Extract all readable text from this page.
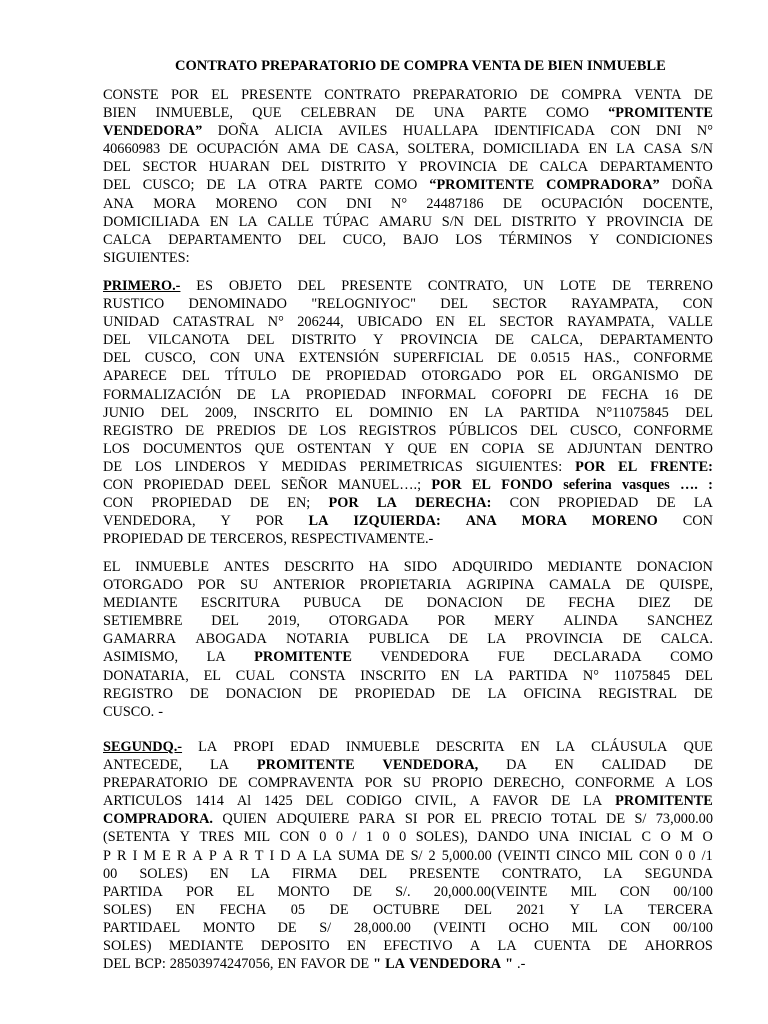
CONTRATO PREPARATORIO DE COMPRA VENTA DE BIEN INMUEBLE
CONSTE POR EL PRESENTE CONTRATO PREPARATORIO DE COMPRA VENTA DE
BIEN INMUEBLE, QUE CELEBRAN DE UNA PARTE COMO “PROMITENTE
VENDEDORA” DOÑA ALICIA AVILES HUALLAPA IDENTIFICADA CON DNI N°
40660983 DE OCUPACIÓN AMA DE CASA, SOLTERA, DOMICILIADA EN LA CASA S/N
DEL SECTOR HUARAN DEL DISTRITO Y PROVINCIA DE CALCA DEPARTAMENTO
DEL CUSCO; DE LA OTRA PARTE COMO “PROMITENTE COMPRADORA” DOÑA
ANA MORA MORENO CON DNI N° 24487186 DE OCUPACIÓN DOCENTE,
DOMICILIADA EN LA CALLE TÚPAC AMARU S/N DEL DISTRITO Y PROVINCIA DE
CALCA DEPARTAMENTO DEL CUCO, BAJO LOS TÉRMINOS Y CONDICIONES
SIGUIENTES:
PRIMERO.- ES OBJETO DEL PRESENTE CONTRATO, UN LOTE DE TERRENO
RUSTICO DENOMINADO "RELOGNIYOC" DEL SECTOR RAYAMPATA, CON
UNIDAD CATASTRAL N° 206244, UBICADO EN EL SECTOR RAYAMPATA, VALLE
DEL VILCANOTA DEL DISTRITO Y PROVINCIA DE CALCA, DEPARTAMENTO
DEL CUSCO, CON UNA EXTENSIÓN SUPERFICIAL DE 0.0515 HAS., CONFORME
APARECE DEL TÍTULO DE PROPIEDAD OTORGADO POR EL ORGANISMO DE
FORMALIZACIÓN DE LA PROPIEDAD INFORMAL COFOPRI DE FECHA 16 DE
JUNIO DEL 2009, INSCRITO EL DOMINIO EN LA PARTIDA N°11075845 DEL
REGISTRO DE PREDIOS DE LOS REGISTROS PÚBLICOS DEL CUSCO, CONFORME
LOS DOCUMENTOS QUE OSTENTAN Y QUE EN COPIA SE ADJUNTAN DENTRO
DE LOS LINDEROS Y MEDIDAS PERIMETRICAS SIGUIENTES: POR EL FRENTE:
CON PROPIEDAD DEEL SEÑOR MANUEL….; POR EL FONDO seferina vasques …. :
CON PROPIEDAD DE EN; POR LA DERECHA: CON PROPIEDAD DE LA
VENDEDORA, Y POR LA IZQUIERDA: ANA MORA MORENO CON
PROPIEDAD DE TERCEROS, RESPECTIVAMENTE.-
EL INMUEBLE ANTES DESCRITO HA SIDO ADQUIRIDO MEDIANTE DONACION
OTORGADO POR SU ANTERIOR PROPIETARIA AGRIPINA CAMALA DE QUISPE,
MEDIANTE ESCRITURA PUBUCA DE DONACION DE FECHA DIEZ DE
SETIEMBRE DEL 2019, OTORGADA POR MERY ALINDA SANCHEZ
GAMARRA ABOGADA NOTARIA PUBLICA DE LA PROVINCIA DE CALCA.
ASIMISMO, LA PROMITENTE VENDEDORA FUE DECLARADA COMO
DONATARIA, EL CUAL CONSTA INSCRITO EN LA PARTIDA N° 11075845 DEL
REGISTRO DE DONACION DE PROPIEDAD DE LA OFICINA REGISTRAL DE
CUSCO. -
SEGUNDQ.- LA PROPI EDAD INMUEBLE DESCRITA EN LA CLÁUSULA QUE
ANTECEDE, LA PROMITENTE VENDEDORA, DA EN CALIDAD DE
PREPARATORIO DE COMPRAVENTA POR SU PROPIO DERECHO, CONFORME A LOS
ARTICULOS 1414 Al 1425 DEL CODIGO CIVIL, A FAVOR DE LA PROMITENTE
COMPRADORA. QUIEN ADQUIERE PARA SI POR EL PRECIO TOTAL DE S/ 73,000.00
(SETENTA Y TRES MIL CON 0 0 / 1 0 0 SOLES), DANDO UNA INICIAL C O M O
P R I M E R A P A R T I D A LA SUMA DE S/ 2 5,000.00 (VEINTI CINCO MIL CON 0 0 /1
00 SOLES) EN LA FIRMA DEL PRESENTE CONTRATO, LA SEGUNDA
PARTIDA POR EL MONTO DE S/. 20,000.00(VEINTE MIL CON 00/100
SOLES) EN FECHA 05 DE OCTUBRE DEL 2021 Y LA TERCERA
PARTIDAEL MONTO DE S/ 28,000.00 (VEINTI OCHO MIL CON 00/100
SOLES) MEDIANTE DEPOSITO EN EFECTIVO A LA CUENTA DE AHORROS
DEL BCP: 28503974247056, EN FAVOR DE " LA VENDEDORA " .-
